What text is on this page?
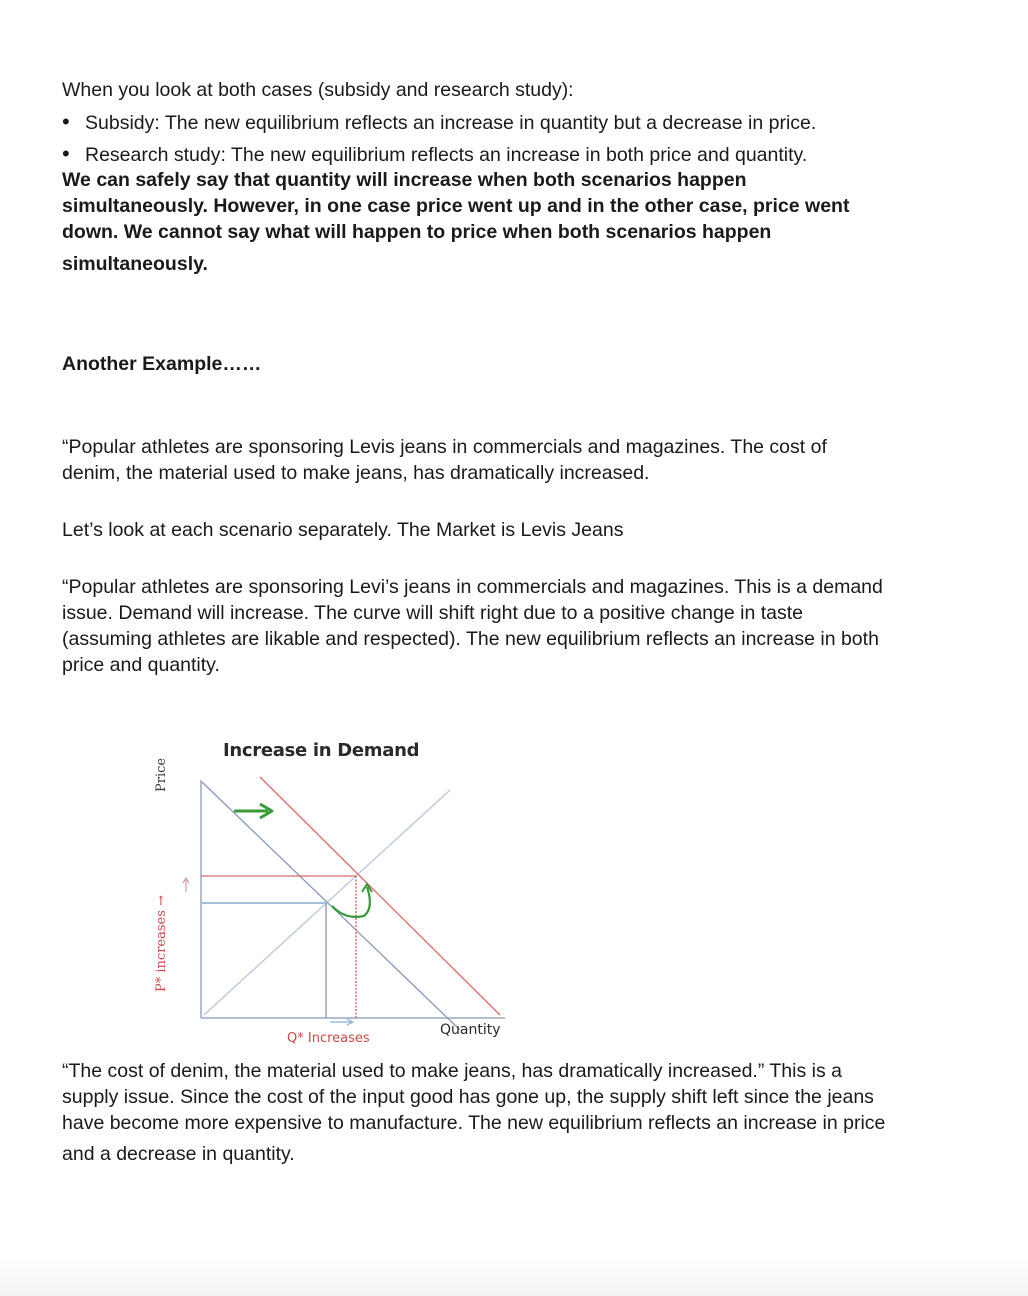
When you look at both cases (subsidy and research study):
• Subsidy: The new equilibrium reflects an increase in quantity but a decrease in price.
• Research study: The new equilibrium reflects an increase in both price and quantity.
We can safely say that quantity will increase when both scenarios happen
simultaneously. However, in one case price went up and in the other case, price went
down. We cannot say what will happen to price when both scenarios happen
simultaneously.
Another Example……
“Popular athletes are sponsoring Levis jeans in commercials and magazines. The cost of
denim, the material used to make jeans, has dramatically increased.
Let’s look at each scenario separately. The Market is Levis Jeans
“Popular athletes are sponsoring Levi’s jeans in commercials and magazines. This is a demand
issue. Demand will increase. The curve will shift right due to a positive change in taste
(assuming athletes are likable and respected). The new equilibrium reflects an increase in both
price and quantity.
Increase in Demand
Price
P* increases →
Q* Increases
Quantity
“The cost of denim, the material used to make jeans, has dramatically increased.” This is a
supply issue. Since the cost of the input good has gone up, the supply shift left since the jeans
have become more expensive to manufacture. The new equilibrium reflects an increase in price
and a decrease in quantity.
